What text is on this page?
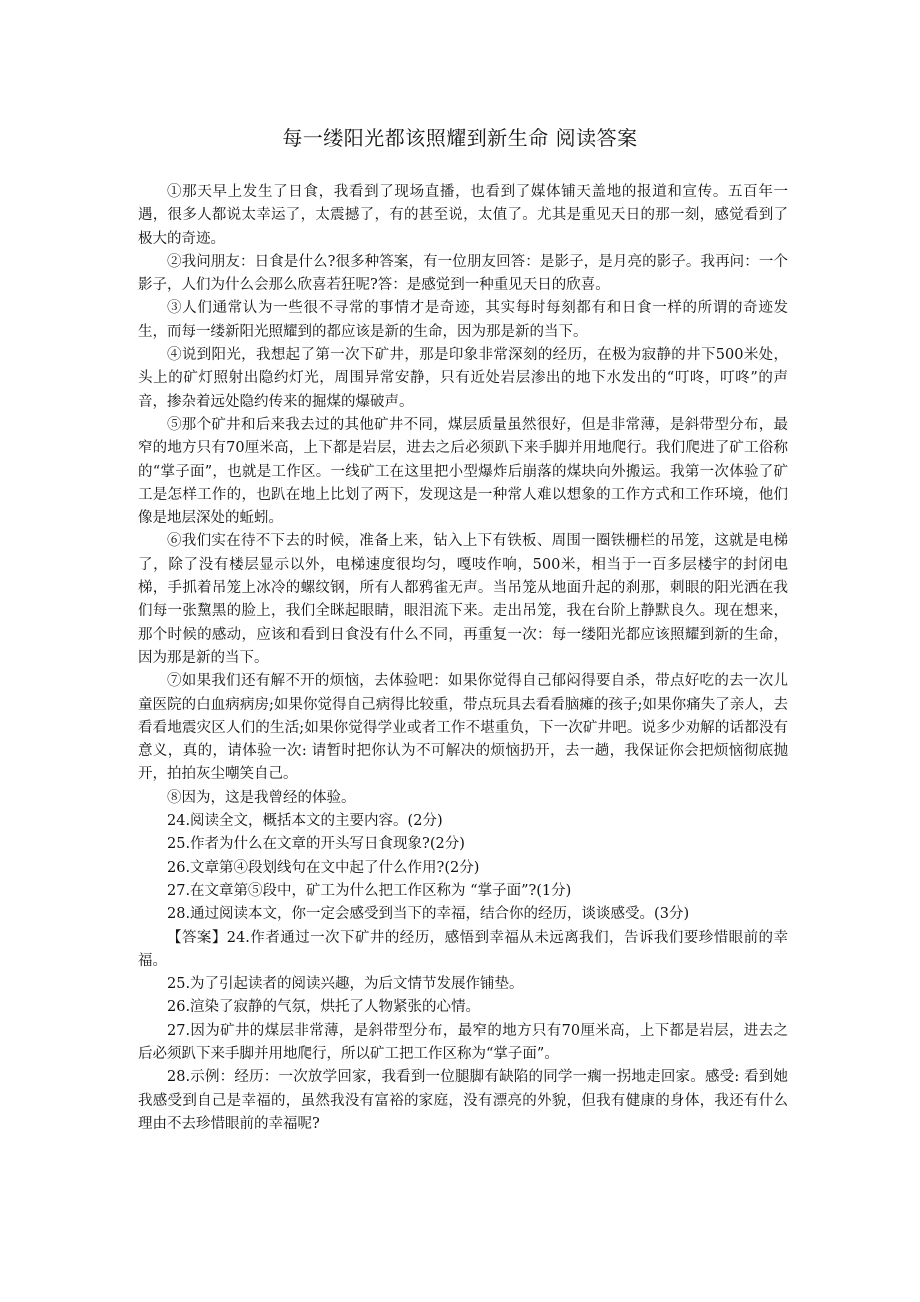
每一缕阳光都该照耀到新生命 阅读答案

①那天早上发生了日食，我看到了现场直播，也看到了媒体铺天盖地的报道和宣传。五百年一遇，很多人都说太幸运了，太震撼了，有的甚至说，太值了。尤其是重见天日的那一刻，感觉看到了极大的奇迹。

②我问朋友：日食是什么?很多种答案，有一位朋友回答：是影子，是月亮的影子。我再问：一个影子，人们为什么会那么欣喜若狂呢?答：是感觉到一种重见天日的欣喜。

③人们通常认为一些很不寻常的事情才是奇迹，其实每时每刻都有和日食一样的所谓的奇迹发生，而每一缕新阳光照耀到的都应该是新的生命，因为那是新的当下。

④说到阳光，我想起了第一次下矿井，那是印象非常深刻的经历，在极为寂静的井下500米处，头上的矿灯照射出隐约灯光，周围异常安静，只有近处岩层渗出的地下水发出的“叮咚，叮咚”的声音，掺杂着远处隐约传来的掘煤的爆破声。

⑤那个矿井和后来我去过的其他矿井不同，煤层质量虽然很好，但是非常薄，是斜带型分布，最窄的地方只有70厘米高，上下都是岩层，进去之后必须趴下来手脚并用地爬行。我们爬进了矿工俗称的“掌子面”，也就是工作区。一线矿工在这里把小型爆炸后崩落的煤块向外搬运。我第一次体验了矿工是怎样工作的，也趴在地上比划了两下，发现这是一种常人难以想象的工作方式和工作环境，他们像是地层深处的蚯蚓。

⑥我们实在待不下去的时候，准备上来，钻入上下有铁板、周围一圈铁栅栏的吊笼，这就是电梯了，除了没有楼层显示以外，电梯速度很均匀，嘎吱作响，500米，相当于一百多层楼宇的封闭电梯，手抓着吊笼上冰冷的螺纹钢，所有人都鸦雀无声。当吊笼从地面升起的刹那，刺眼的阳光洒在我们每一张黧黑的脸上，我们全眯起眼睛，眼泪流下来。走出吊笼，我在台阶上静默良久。现在想来，那个时候的感动，应该和看到日食没有什么不同，再重复一次：每一缕阳光都应该照耀到新的生命，因为那是新的当下。

⑦如果我们还有解不开的烦恼，去体验吧：如果你觉得自己郁闷得要自杀，带点好吃的去一次儿童医院的白血病病房;如果你觉得自己病得比较重，带点玩具去看看脑瘫的孩子;如果你痛失了亲人，去看看地震灾区人们的生活;如果你觉得学业或者工作不堪重负，下一次矿井吧。说多少劝解的话都没有意义，真的，请体验一次: 请暂时把你认为不可解决的烦恼扔开，去一趟，我保证你会把烦恼彻底抛开，拍拍灰尘嘲笑自己。

⑧因为，这是我曾经的体验。

24.阅读全文，概括本文的主要内容。(2分)

25.作者为什么在文章的开头写日食现象?(2分)

26.文章第④段划线句在文中起了什么作用?(2分)

27.在文章第⑤段中，矿工为什么把工作区称为 “掌子面”?(1分)

28.通过阅读本文，你一定会感受到当下的幸福，结合你的经历，谈谈感受。(3分)

【答案】24.作者通过一次下矿井的经历，感悟到幸福从未远离我们，告诉我们要珍惜眼前的幸福。

25.为了引起读者的阅读兴趣，为后文情节发展作铺垫。

26.渲染了寂静的气氛，烘托了人物紧张的心情。

27.因为矿井的煤层非常薄，是斜带型分布，最窄的地方只有70厘米高，上下都是岩层，进去之后必须趴下来手脚并用地爬行，所以矿工把工作区称为“掌子面”。

28.示例：经历：一次放学回家，我看到一位腿脚有缺陷的同学一瘸一拐地走回家。感受: 看到她我感受到自己是幸福的，虽然我没有富裕的家庭，没有漂亮的外貌，但我有健康的身体，我还有什么理由不去珍惜眼前的幸福呢?
